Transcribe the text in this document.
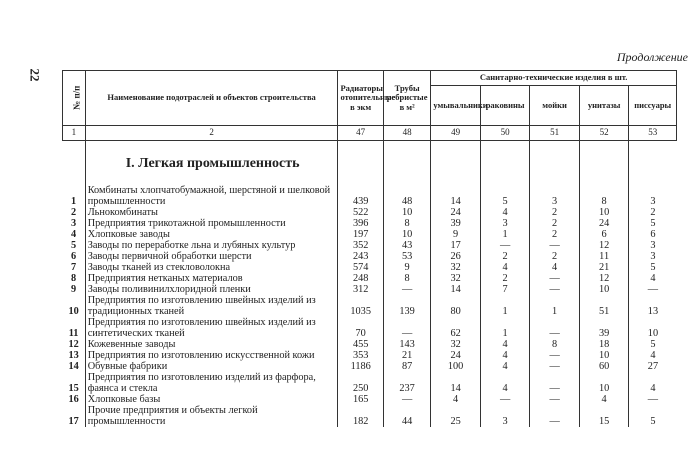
22
Продолжение
№ п/п	Наименование подотраслей и объектов строительства	Радиаторы отопительные в экм	Трубы ребристые в м²	Санитарно-технические изделия в шт.				
				умывальники	раковины	мойки	унитазы	писсуары
1	2	47	48	49	50	51	52	53
	I. Легкая промышленность							
1	Комбинаты хлопчатобумажной, шерстяной и шелковой промышленности	439	48	14	5	3	8	3
2	Льнокомбинаты	522	10	24	4	2	10	2
3	Предприятия трикотажной промышленности	396	8	39	3	2	24	5
4	Хлопковые заводы	197	10	9	1	2	6	6
5	Заводы по переработке льна и лубяных культур	352	43	17	—	—	12	3
6	Заводы первичной обработки шерсти	243	53	26	2	2	11	3
7	Заводы тканей из стекловолокна	574	9	32	4	4	21	5
8	Предприятия нетканых материалов	248	8	32	2	—	12	4
9	Заводы поливинилхлоридной пленки	312	—	14	7	—	10	—
10	Предприятия по изготовлению швейных изделий из традиционных тканей	1035	139	80	1	1	51	13
11	Предприятия по изготовлению швейных изделий из синтетических тканей	70	—	62	1	—	39	10
12	Кожевенные заводы	455	143	32	4	8	18	5
13	Предприятия по изготовлению искусственной кожи	353	21	24	4	—	10	4
14	Обувные фабрики	1186	87	100	4	—	60	27
15	Предприятия по изготовлению изделий из фарфора, фаянса и стекла	250	237	14	4	—	10	4
16	Хлопковые базы	165	—	4	—	—	4	—
17	Прочие предприятия и объекты легкой промышленности	182	44	25	3	—	15	5
